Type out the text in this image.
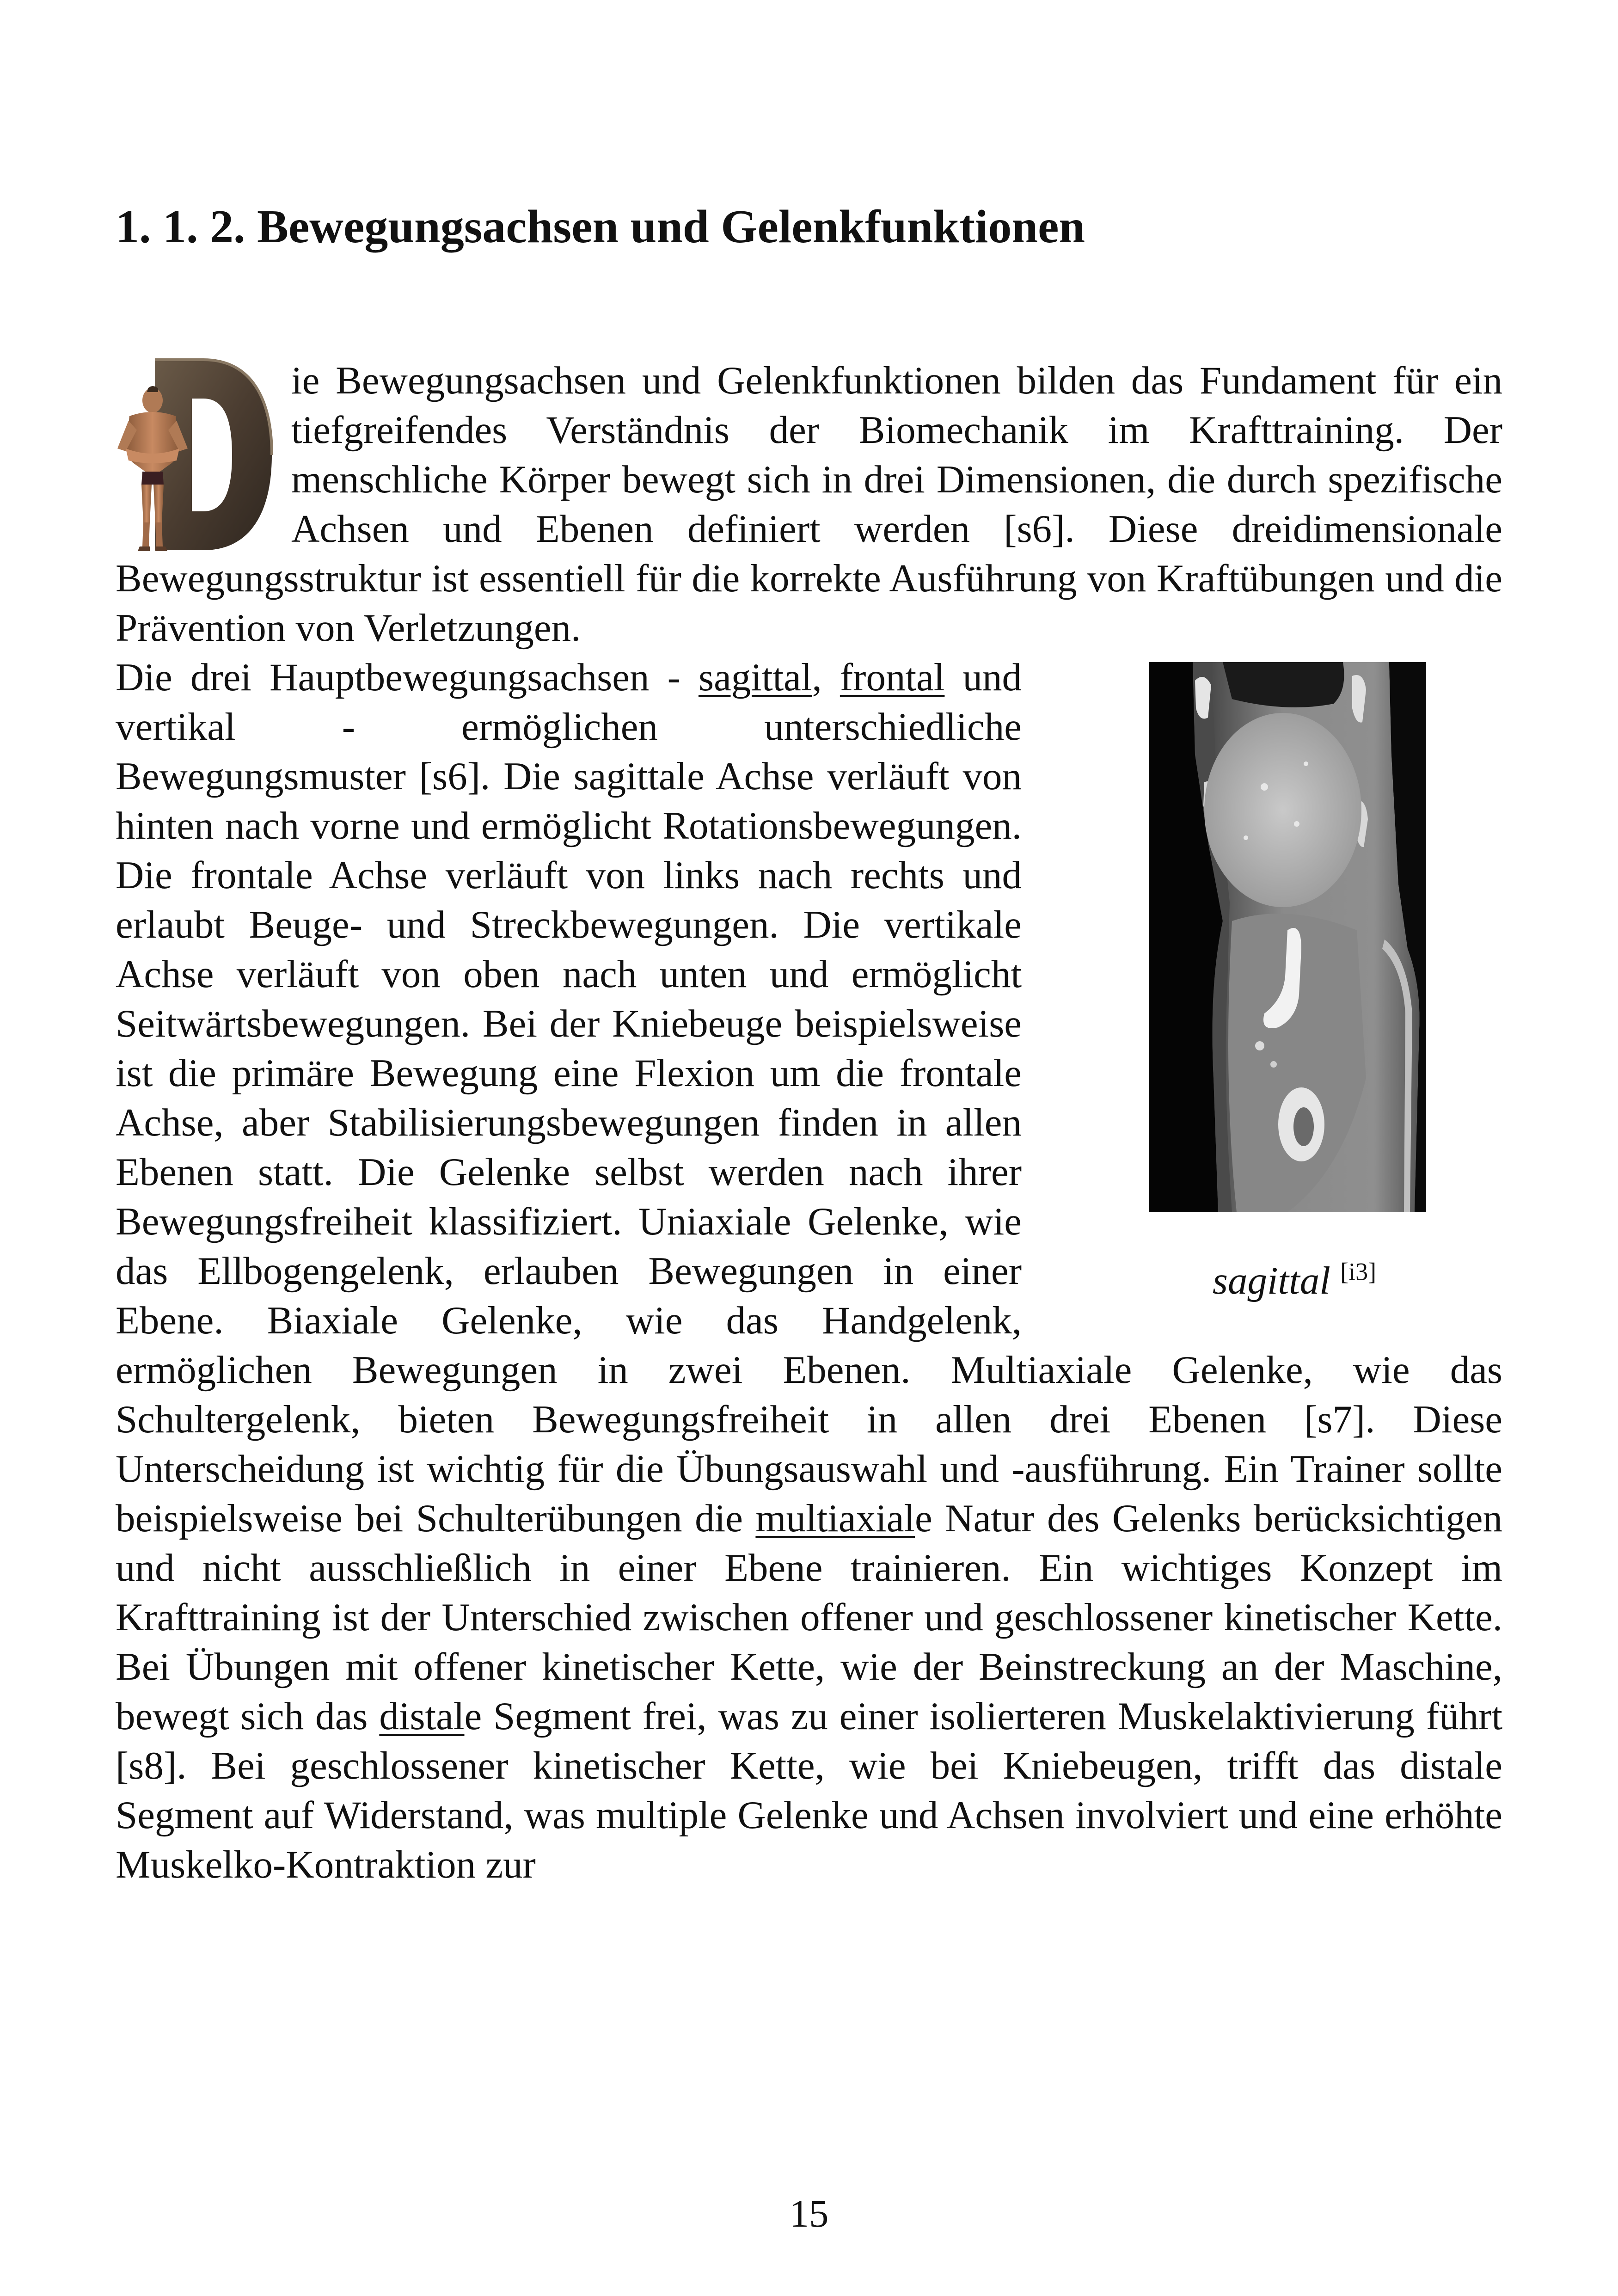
1. 1. 2. Bewegungsachsen und Gelenkfunktionen

ie Bewegungsachsen und Gelenkfunktionen bilden das Fundament für ein tiefgreifendes Verständnis der Biomechanik im Krafttraining. Der menschliche Körper bewegt sich in drei Dimensionen, die durch spezifische Achsen und Ebenen definiert werden [s6]. Diese dreidimensionale Bewegungsstruktur ist essentiell für die korrekte Ausführung von Kraftübungen und die Prävention von Verletzungen.

sagittal [i3]

Die drei Hauptbewegungsachsen - sagittal, frontal und vertikal - ermöglichen unterschiedliche Bewegungsmuster [s6]. Die sagittale Achse verläuft von hinten nach vorne und ermöglicht Rotationsbewegungen. Die frontale Achse verläuft von links nach rechts und erlaubt Beuge- und Streckbewegungen. Die vertikale Achse verläuft von oben nach unten und ermöglicht Seitwärtsbewegungen. Bei der Kniebeuge beispielsweise ist die primäre Bewegung eine Flexion um die frontale Achse, aber Stabilisierungsbewegungen finden in allen Ebenen statt. Die Gelenke selbst werden nach ihrer Bewegungsfreiheit klassifiziert. Uniaxiale Gelenke, wie das Ellbogengelenk, erlauben Bewegungen in einer Ebene. Biaxiale Gelenke, wie das Handgelenk, ermöglichen Bewegungen in zwei Ebenen. Multiaxiale Gelenke, wie das Schultergelenk, bieten Bewegungsfreiheit in allen drei Ebenen [s7]. Diese Unterscheidung ist wichtig für die Übungsauswahl und -ausführung. Ein Trainer sollte beispielsweise bei Schulterübungen die multiaxiale Natur des Gelenks berücksichtigen und nicht ausschließlich in einer Ebene trainieren. Ein wichtiges Konzept im Krafttraining ist der Unterschied zwischen offener und geschlossener kinetischer Kette. Bei Übungen mit offener kinetischer Kette, wie der Beinstreckung an der Maschine, bewegt sich das distale Segment frei, was zu einer isolierteren Muskelaktivierung führt [s8]. Bei geschlossener kinetischer Kette, wie bei Kniebeugen, trifft das distale Segment auf Widerstand, was multiple Gelenke und Achsen involviert und eine erhöhte Muskelko-Kontraktion zur

15
